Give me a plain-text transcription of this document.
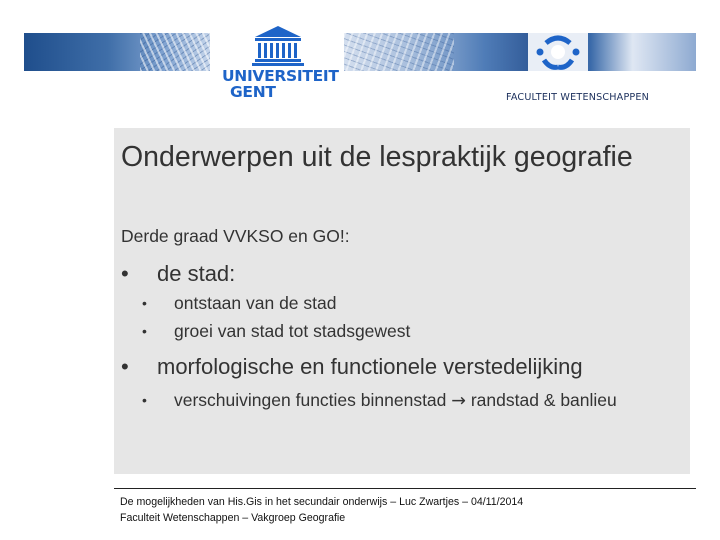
UNIVERSITEIT
GENT	FACULTEIT WETENSCHAPPEN
Onderwerpen uit de lespraktijk geografie
Derde graad VVKSO en GO!:
• de stad:
• ontstaan van de stad
• groei van stad tot stadsgewest
• morfologische en functionele verstedelijking
• verschuivingen functies binnenstad → randstad & banlieu
De mogelijkheden van His.Gis in het secundair onderwijs – Luc Zwartjes – 04/11/2014
Faculteit Wetenschappen – Vakgroep Geografie
